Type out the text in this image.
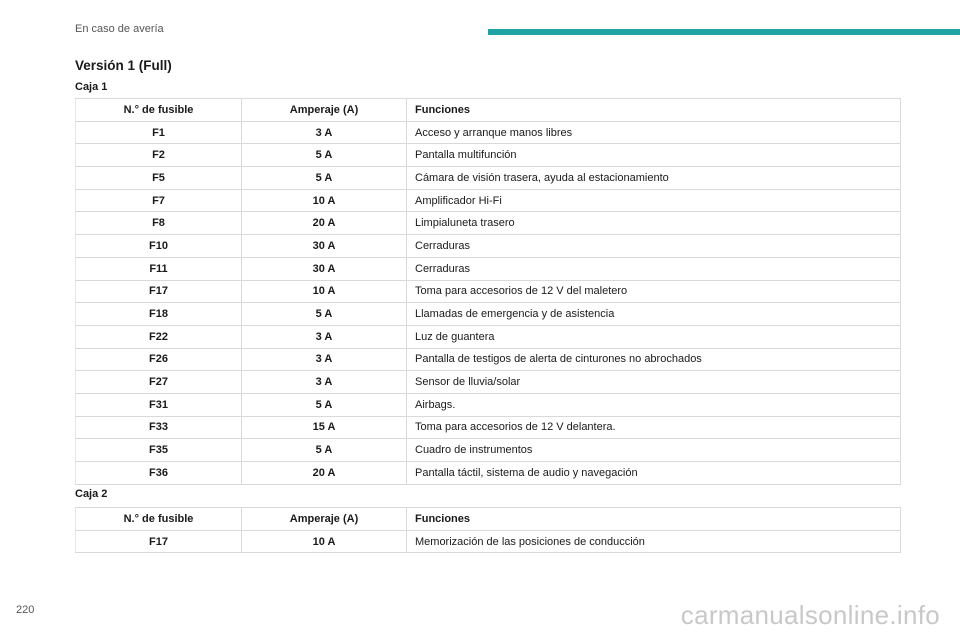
En caso de avería
Versión 1 (Full)
Caja 1
N.° de fusible	Amperaje (A)	Funciones
F1	3 A	Acceso y arranque manos libres
F2	5 A	Pantalla multifunción
F5	5 A	Cámara de visión trasera, ayuda al estacionamiento
F7	10 A	Amplificador Hi-Fi
F8	20 A	Limpialuneta trasero
F10	30 A	Cerraduras
F11	30 A	Cerraduras
F17	10 A	Toma para accesorios de 12 V del maletero
F18	5 A	Llamadas de emergencia y de asistencia
F22	3 A	Luz de guantera
F26	3 A	Pantalla de testigos de alerta de cinturones no abrochados
F27	3 A	Sensor de lluvia/solar
F31	5 A	Airbags.
F33	15 A	Toma para accesorios de 12 V delantera.
F35	5 A	Cuadro de instrumentos
F36	20 A	Pantalla táctil, sistema de audio y navegación
Caja 2
N.° de fusible	Amperaje (A)	Funciones
F17	10 A	Memorización de las posiciones de conducción
220	carmanualsonline.info
